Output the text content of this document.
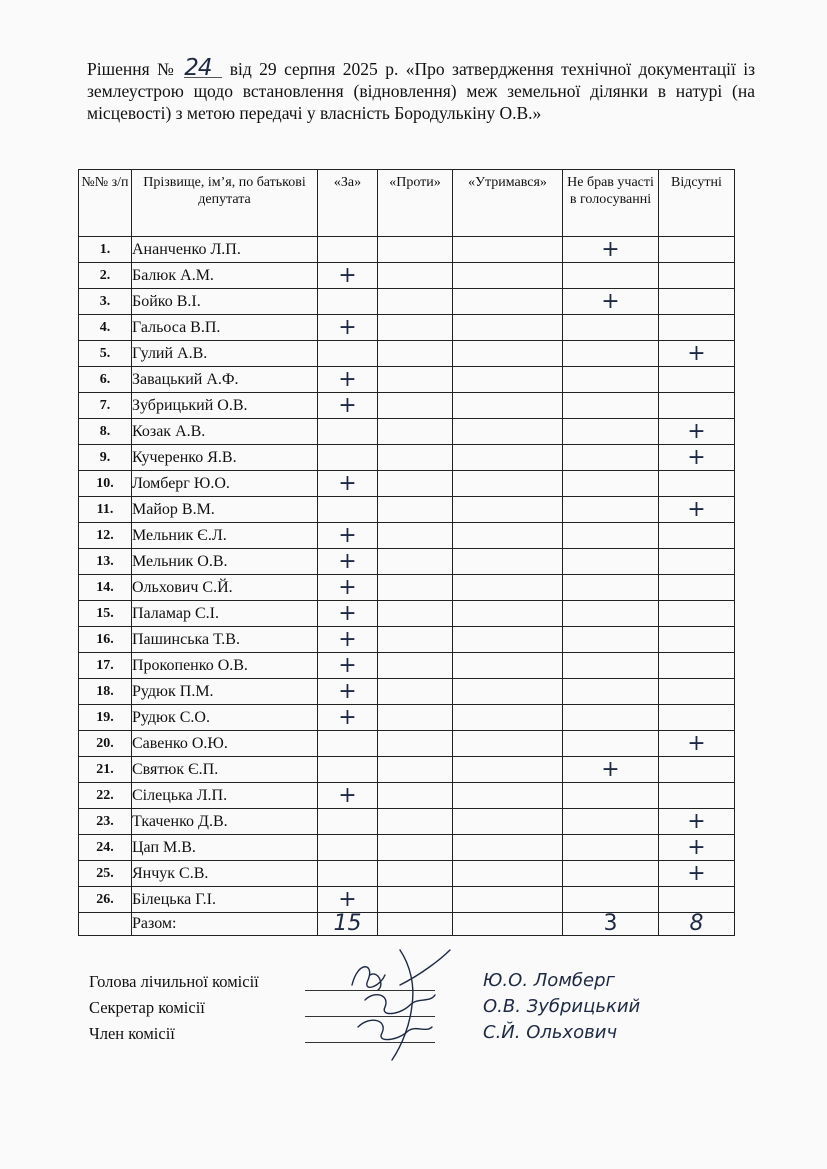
Рішення № 24 від 29 серпня 2025 р. «Про затвердження технічної документації із землеустрою щодо встановлення (відновлення) меж земельної ділянки в натурі (на місцевості) з метою передачі у власність Бородулькіну О.В.»
№№ з/п	Прізвище, ім’я, по батькові депутата	«За»	«Проти»	«Утримався»	Не брав участі в голосуванні	Відсутні
1.	Ананченко Л.П.				+	
2.	Балюк А.М.	+				
3.	Бойко В.І.				+	
4.	Гальоса В.П.	+				
5.	Гулий А.В.					+
6.	Завацький А.Ф.	+				
7.	Зубрицький О.В.	+				
8.	Козак А.В.					+
9.	Кучеренко Я.В.					+
10.	Ломберг Ю.О.	+				
11.	Майор В.М.					+
12.	Мельник Є.Л.	+				
13.	Мельник О.В.	+				
14.	Ольхович С.Й.	+				
15.	Паламар С.І.	+				
16.	Пашинська Т.В.	+				
17.	Прокопенко О.В.	+				
18.	Рудюк П.М.	+				
19.	Рудюк С.О.	+				
20.	Савенко О.Ю.					+
21.	Святюк Є.П.				+	
22.	Сілецька Л.П.	+				
23.	Ткаченко Д.В.					+
24.	Цап М.В.					+
25.	Янчук С.В.					+
26.	Білецька Г.І.	+				
	Разом:	15			3	8
Голова лічильної комісії	Ю.О. Ломберг
Секретар комісії	О.В. Зубрицький
Член комісії	С.Й. Ольхович
